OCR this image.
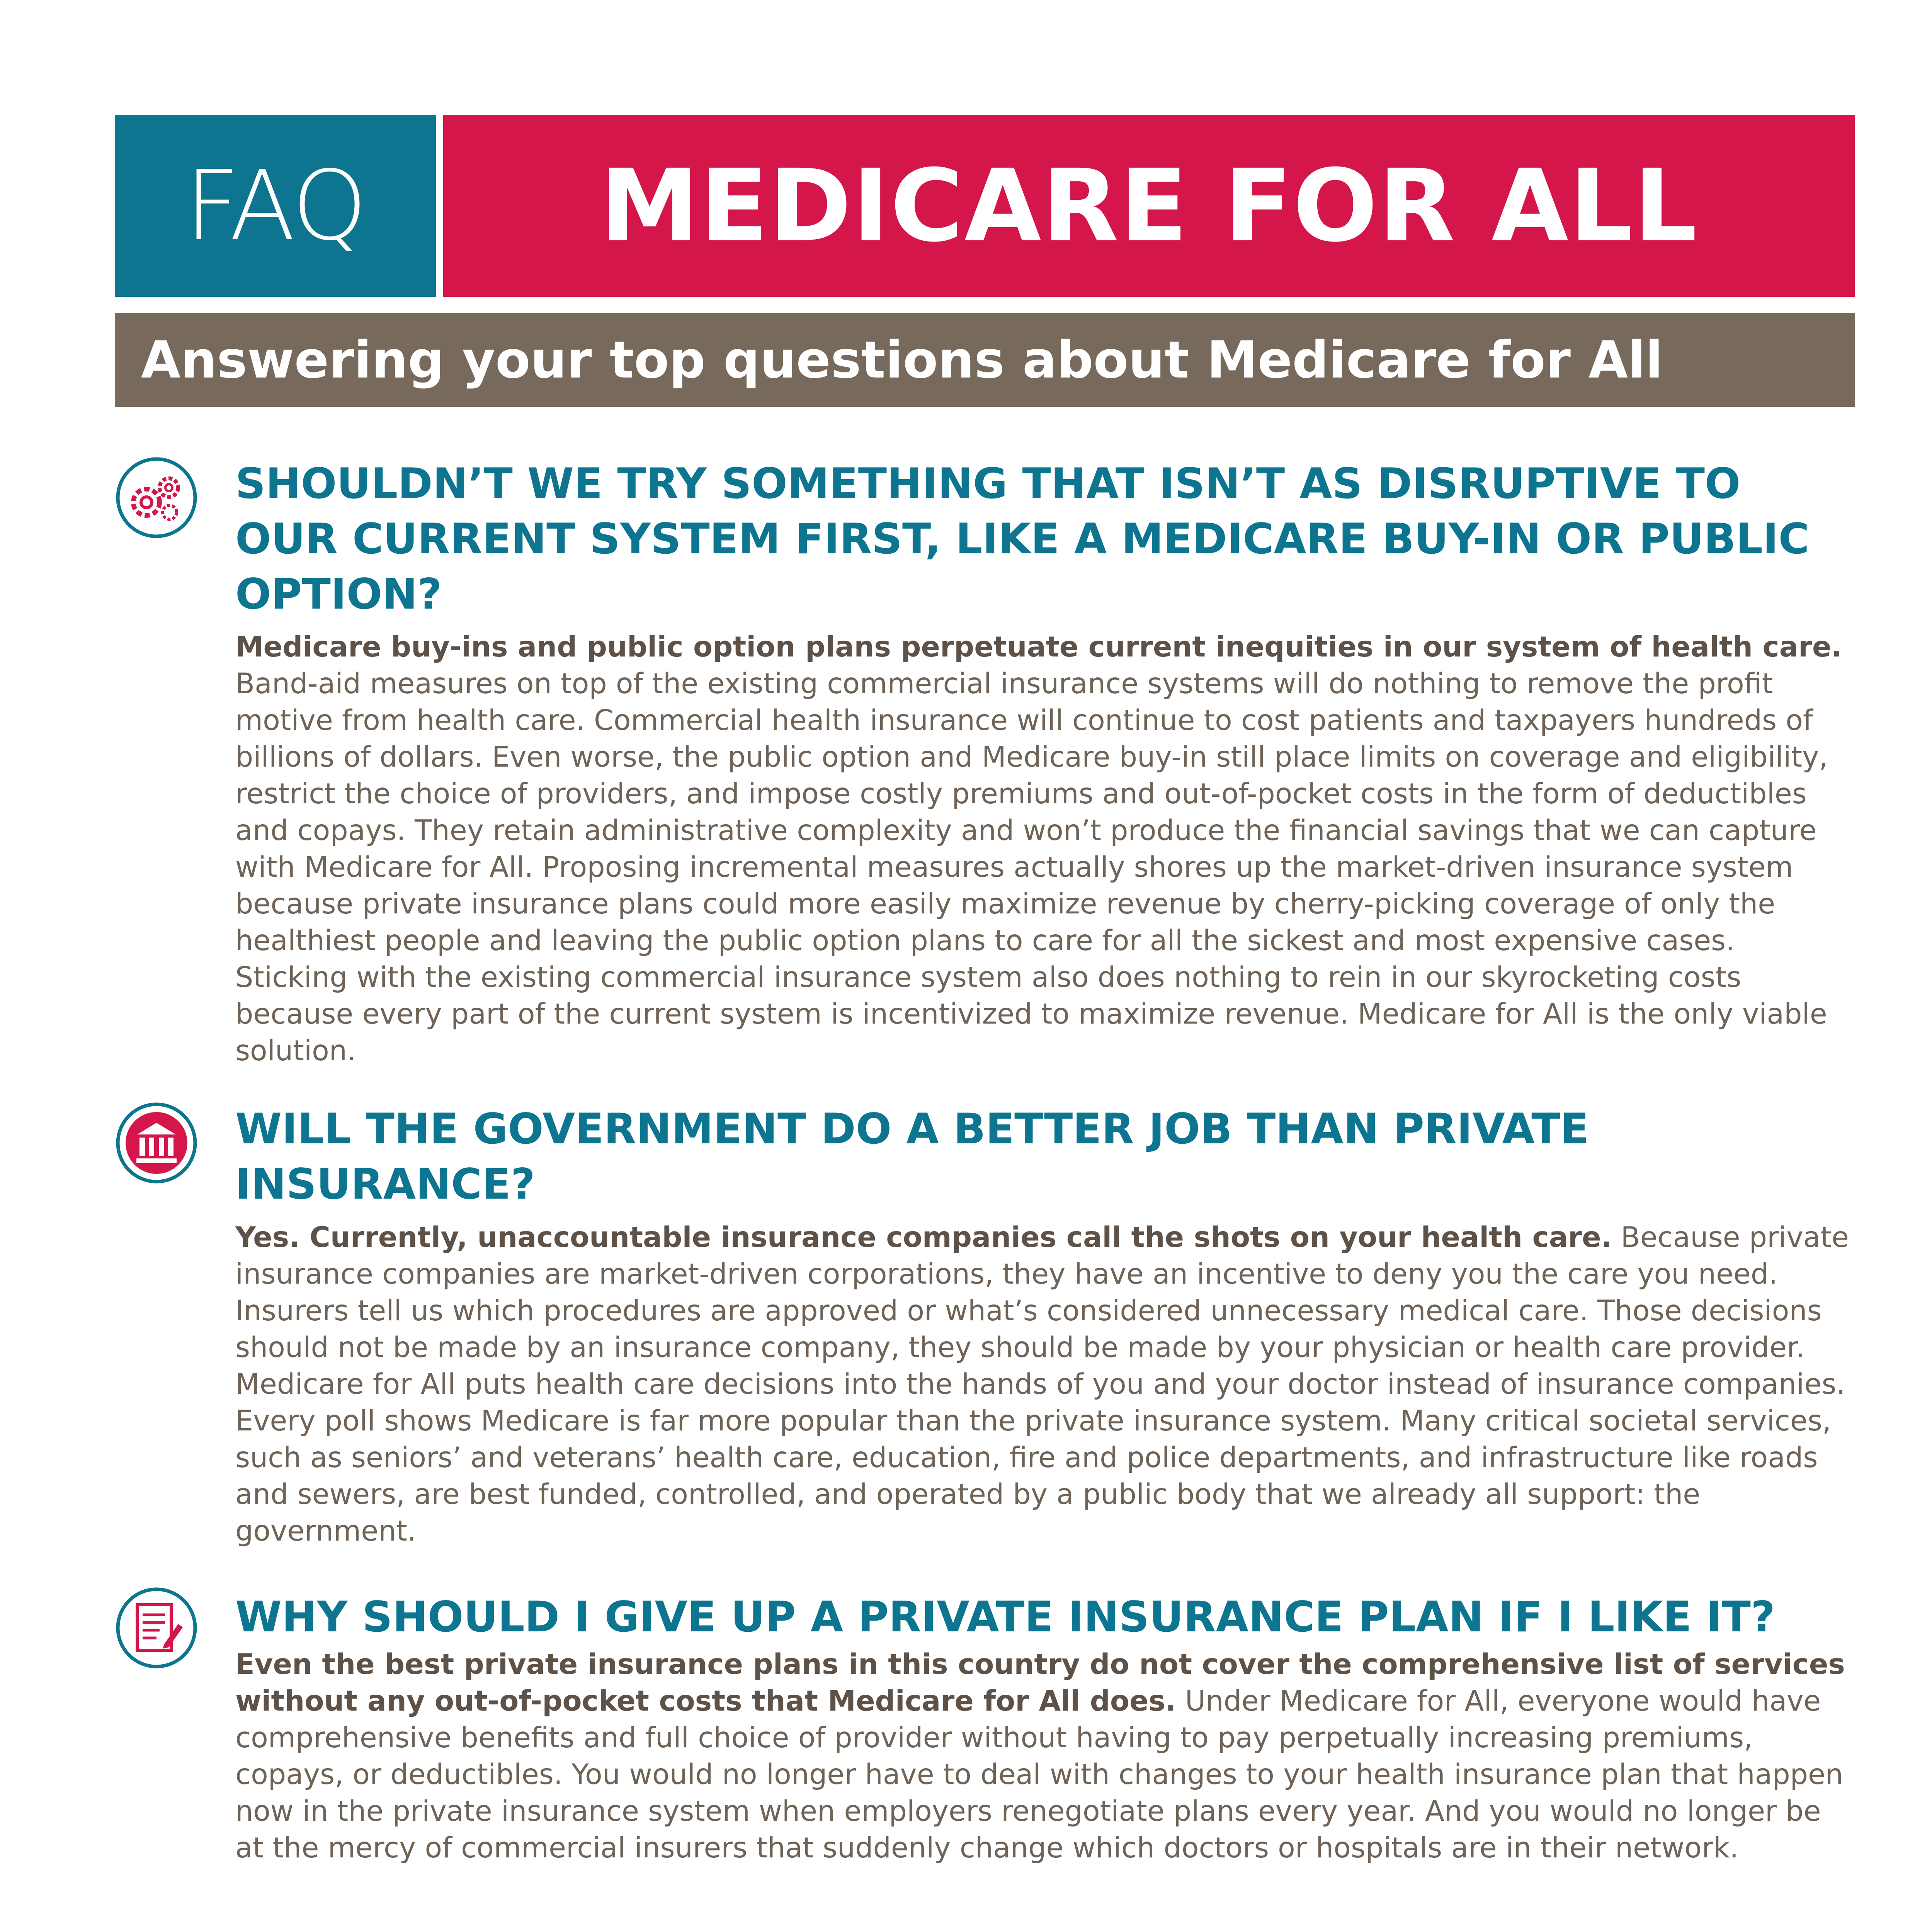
FAQ	MEDICARE FOR ALL
Answering your top questions about Medicare for All
SHOULDN’T WE TRY SOMETHING THAT ISN’T AS DISRUPTIVE TO OUR CURRENT SYSTEM FIRST, LIKE A MEDICARE BUY-IN OR PUBLIC OPTION?

Medicare buy-ins and public option plans perpetuate current inequities in our system of health care. Band-aid measures on top of the existing commercial insurance systems will do nothing to remove the profit motive from health care. Commercial health insurance will continue to cost patients and taxpayers hundreds of billions of dollars. Even worse, the public option and Medicare buy-in still place limits on coverage and eligibility, restrict the choice of providers, and impose costly premiums and out-of-pocket costs in the form of deductibles and copays. They retain administrative complexity and won’t produce the financial savings that we can capture with Medicare for All. Proposing incremental measures actually shores up the market-driven insurance system because private insurance plans could more easily maximize revenue by cherry-picking coverage of only the healthiest people and leaving the public option plans to care for all the sickest and most expensive cases. Sticking with the existing commercial insurance system also does nothing to rein in our skyrocketing costs because every part of the current system is incentivized to maximize revenue. Medicare for All is the only viable solution.

WILL THE GOVERNMENT DO A BETTER JOB THAN PRIVATE INSURANCE?

Yes. Currently, unaccountable insurance companies call the shots on your health care. Because private insurance companies are market-driven corporations, they have an incentive to deny you the care you need. Insurers tell us which procedures are approved or what’s considered unnecessary medical care. Those decisions should not be made by an insurance company, they should be made by your physician or health care provider. Medicare for All puts health care decisions into the hands of you and your doctor instead of insurance companies. Every poll shows Medicare is far more popular than the private insurance system. Many critical societal services, such as seniors’ and veterans’ health care, education, fire and police departments, and infrastructure like roads and sewers, are best funded, controlled, and operated by a public body that we already all support: the government.

WHY SHOULD I GIVE UP A PRIVATE INSURANCE PLAN IF I LIKE IT?

Even the best private insurance plans in this country do not cover the comprehensive list of services without any out-of-pocket costs that Medicare for All does. Under Medicare for All, everyone would have comprehensive benefits and full choice of provider without having to pay perpetually increasing premiums, copays, or deductibles. You would no longer have to deal with changes to your health insurance plan that happen now in the private insurance system when employers renegotiate plans every year. And you would no longer be at the mercy of commercial insurers that suddenly change which doctors or hospitals are in their network.
